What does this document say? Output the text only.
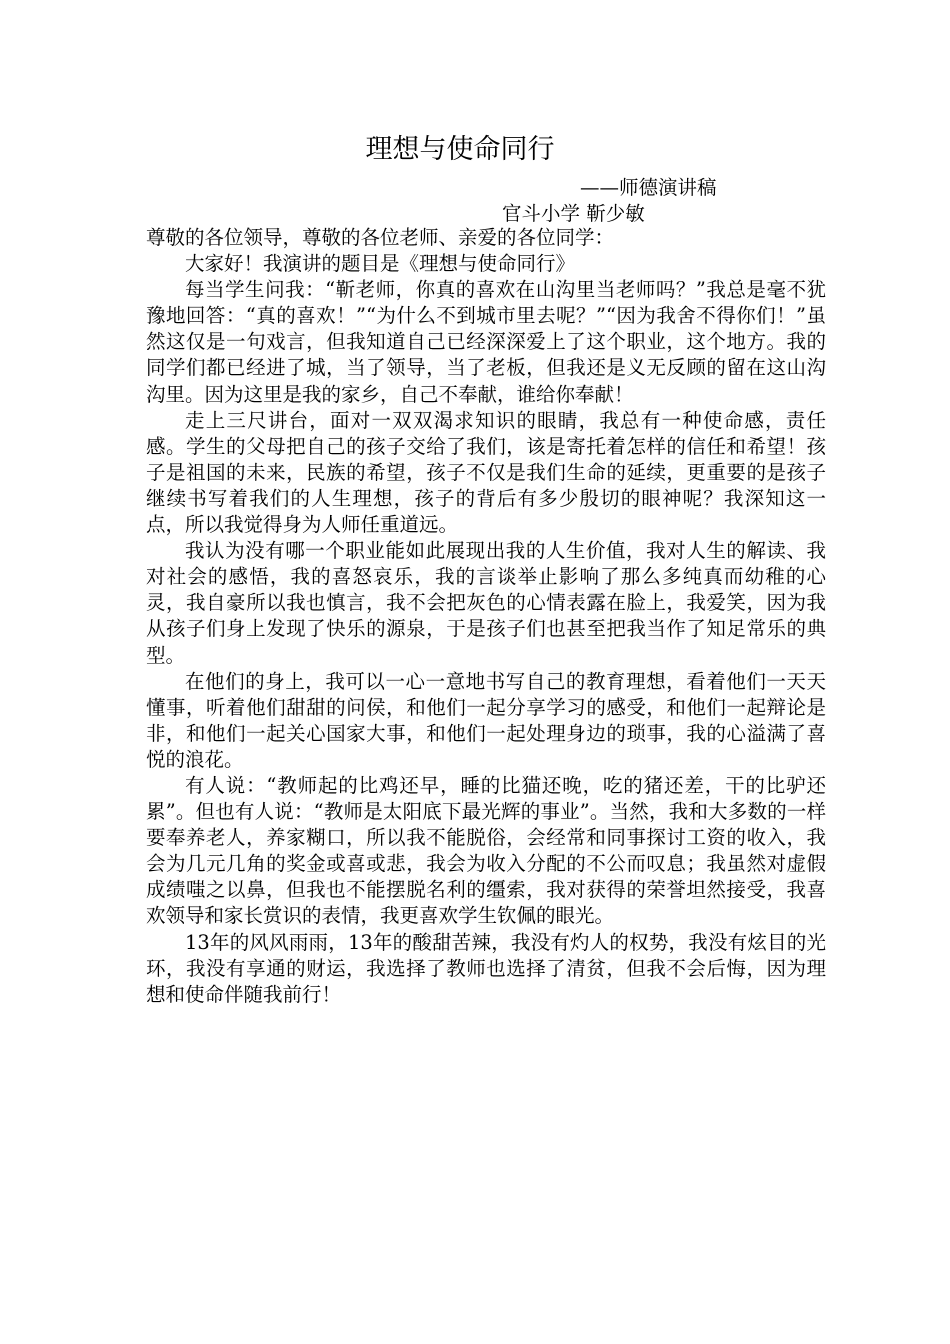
理想与使命同行

——师德演讲稿

官斗小学 靳少敏

尊敬的各位领导，尊敬的各位老师、亲爱的各位同学：

大家好！我演讲的题目是《理想与使命同行》

每当学生问我：“靳老师，你真的喜欢在山沟里当老师吗？”我总是毫不犹豫地回答：“真的喜欢！”“为什么不到城市里去呢？”“因为我舍不得你们！”虽然这仅是一句戏言，但我知道自己已经深深爱上了这个职业，这个地方。我的同学们都已经进了城，当了领导，当了老板，但我还是义无反顾的留在这山沟沟里。因为这里是我的家乡，自己不奉献，谁给你奉献！

走上三尺讲台，面对一双双渴求知识的眼睛，我总有一种使命感，责任感。学生的父母把自己的孩子交给了我们，该是寄托着怎样的信任和希望！孩子是祖国的未来，民族的希望，孩子不仅是我们生命的延续，更重要的是孩子继续书写着我们的人生理想，孩子的背后有多少殷切的眼神呢？我深知这一点，所以我觉得身为人师任重道远。

我认为没有哪一个职业能如此展现出我的人生价值，我对人生的解读、我对社会的感悟，我的喜怒哀乐，我的言谈举止影响了那么多纯真而幼稚的心灵，我自豪所以我也慎言，我不会把灰色的心情表露在脸上，我爱笑，因为我从孩子们身上发现了快乐的源泉，于是孩子们也甚至把我当作了知足常乐的典型。

在他们的身上，我可以一心一意地书写自己的教育理想，看着他们一天天懂事，听着他们甜甜的问侯，和他们一起分享学习的感受，和他们一起辩论是非，和他们一起关心国家大事，和他们一起处理身边的琐事，我的心溢满了喜悦的浪花。

有人说：“教师起的比鸡还早，睡的比猫还晚，吃的猪还差，干的比驴还累”。但也有人说：“教师是太阳底下最光辉的事业”。当然，我和大多数的一样要奉养老人，养家糊口，所以我不能脱俗，会经常和同事探讨工资的收入，我会为几元几角的奖金或喜或悲，我会为收入分配的不公而叹息；我虽然对虚假成绩嗤之以鼻，但我也不能摆脱名利的缰索，我对获得的荣誉坦然接受，我喜欢领导和家长赏识的表情，我更喜欢学生钦佩的眼光。

13年的风风雨雨，13年的酸甜苦辣，我没有灼人的权势，我没有炫目的光环，我没有享通的财运，我选择了教师也选择了清贫，但我不会后悔，因为理想和使命伴随我前行！
